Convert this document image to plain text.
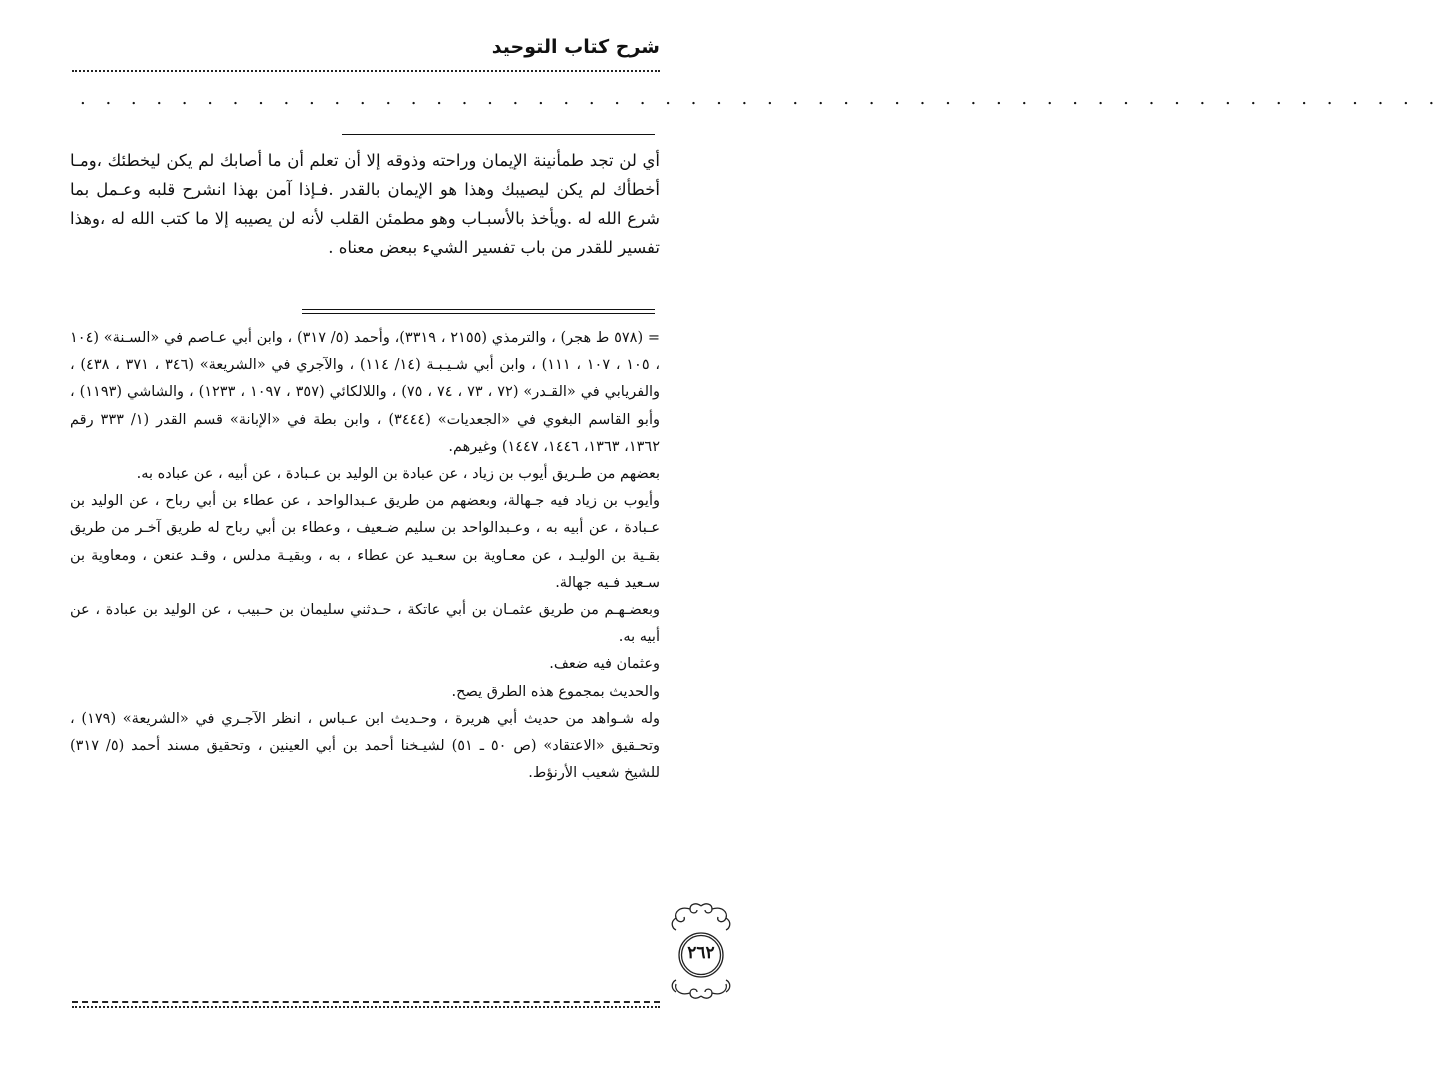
شرح كتاب التوحيد
. . . . . . . . . . . . . . . . . . . . . . . . . . . . . . . . . . . . . . . . . . . . . . . . . . . . . .

أي لن تجد طمأنينة الإيمان وراحته وذوقه إلا أن تعلم أن ما أصابك لم يكن ليخطئك ،ومـا أخطأك لم يكن ليصيبك وهذا هو الإيمان بالقدر .فـإذا آمن بهذا انشرح قلبه وعـمل بما شرع الله له .ويأخذ بالأسبـاب وهو مطمئن القلب لأنه لن يصيبه إلا ما كتب الله له ،وهذا تفسير للقدر من باب تفسير الشيء ببعض معناه .

= (٥٧٨ ط هجر) ، والترمذي (٢١٥٥ ، ٣٣١٩)، وأحمد (٥/ ٣١٧) ، وابن أبي عـاصم في «السـنة» (١٠٤ ، ١٠٥ ، ١٠٧ ، ١١١) ، وابن أبي شـيـبـة (١٤/ ١١٤) ، والآجري في «الشريعة» (٣٤٦ ، ٣٧١ ، ٤٣٨) ، والفريابي في «القـدر» (٧٢ ، ٧٣ ، ٧٤ ، ٧٥) ، واللالكائي (٣٥٧ ، ١٠٩٧ ، ١٢٣٣) ، والشاشي (١١٩٣) ، وأبو القاسم البغوي في «الجعديات» (٣٤٤٤) ، وابن بطة في «الإبانة» قسم القدر (١/ ٣٣٣ رقم ١٣٦٢، ١٣٦٣، ١٤٤٦، ١٤٤٧) وغيرهم.

بعضهم من طـريق أيوب بن زياد ، عن عبادة بن الوليد بن عـبادة ، عن أبيه ، عن عباده به.

وأيوب بن زياد فيه جـهالة، وبعضهم من طريق عـبدالواحد ، عن عطاء بن أبي رباح ، عن الوليد بن عـبادة ، عن أبيه به ، وعـبدالواحد بن سليم ضـعيف ، وعطاء بن أبي رباح له طريق آخـر من طريق بقـية بن الوليـد ، عن معـاوية بن سعـيد عن عطاء ، به ، وبقيـة مدلس ، وقـد عنعن ، ومعاوية بن سـعيد فـيه جهالة.

وبعضـهـم من طريق عثمـان بن أبي عاتكة ، حـدثني سليمان بن حـبيب ، عن الوليد بن عبادة ، عن أبيه به.

وعثمان فيه ضعف.

والحديث بمجموع هذه الطرق يصح.

وله شـواهد من حديث أبي هريرة ، وحـديث ابن عـباس ، انظر الآجـري في «الشريعة» (١٧٩) ، وتحـقيق «الاعتقاد» (ص ٥٠ ـ ٥١) لشيـخنا أحمد بن أبي العينين ، وتحقيق مسند أحمد (٥/ ٣١٧) للشيخ شعيب الأرنؤط.

٢٦٢
